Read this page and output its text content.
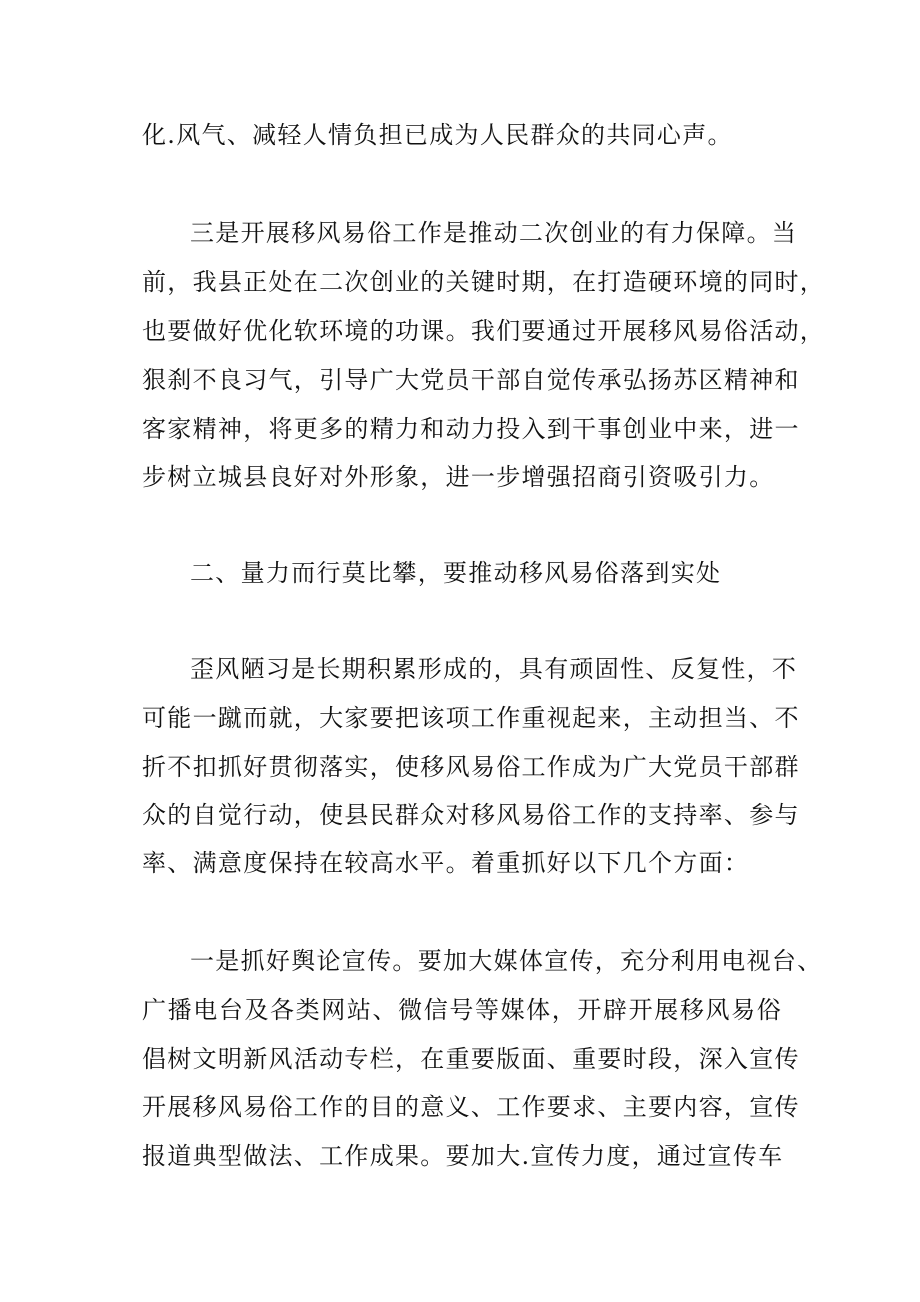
化.风气、减轻人情负担已成为人民群众的共同心声。
三是开展移风易俗工作是推动二次创业的有力保障。当
前，我县正处在二次创业的关键时期，在打造硬环境的同时，
也要做好优化软环境的功课。我们要通过开展移风易俗活动，
狠刹不良习气，引导广大党员干部自觉传承弘扬苏区精神和
客家精神，将更多的精力和动力投入到干事创业中来，进一
步树立城县良好对外形象，进一步增强招商引资吸引力。
二、量力而行莫比攀，要推动移风易俗落到实处
歪风陋习是长期积累形成的，具有顽固性、反复性，不
可能一蹴而就，大家要把该项工作重视起来，主动担当、不
折不扣抓好贯彻落实，使移风易俗工作成为广大党员干部群
众的自觉行动，使县民群众对移风易俗工作的支持率、参与
率、满意度保持在较高水平。着重抓好以下几个方面：
一是抓好舆论宣传。要加大媒体宣传，充分利用电视台、
广播电台及各类网站、微信号等媒体，开辟开展移风易俗
倡树文明新风活动专栏，在重要版面、重要时段，深入宣传
开展移风易俗工作的目的意义、工作要求、主要内容，宣传
报道典型做法、工作成果。要加大.宣传力度，通过宣传车
